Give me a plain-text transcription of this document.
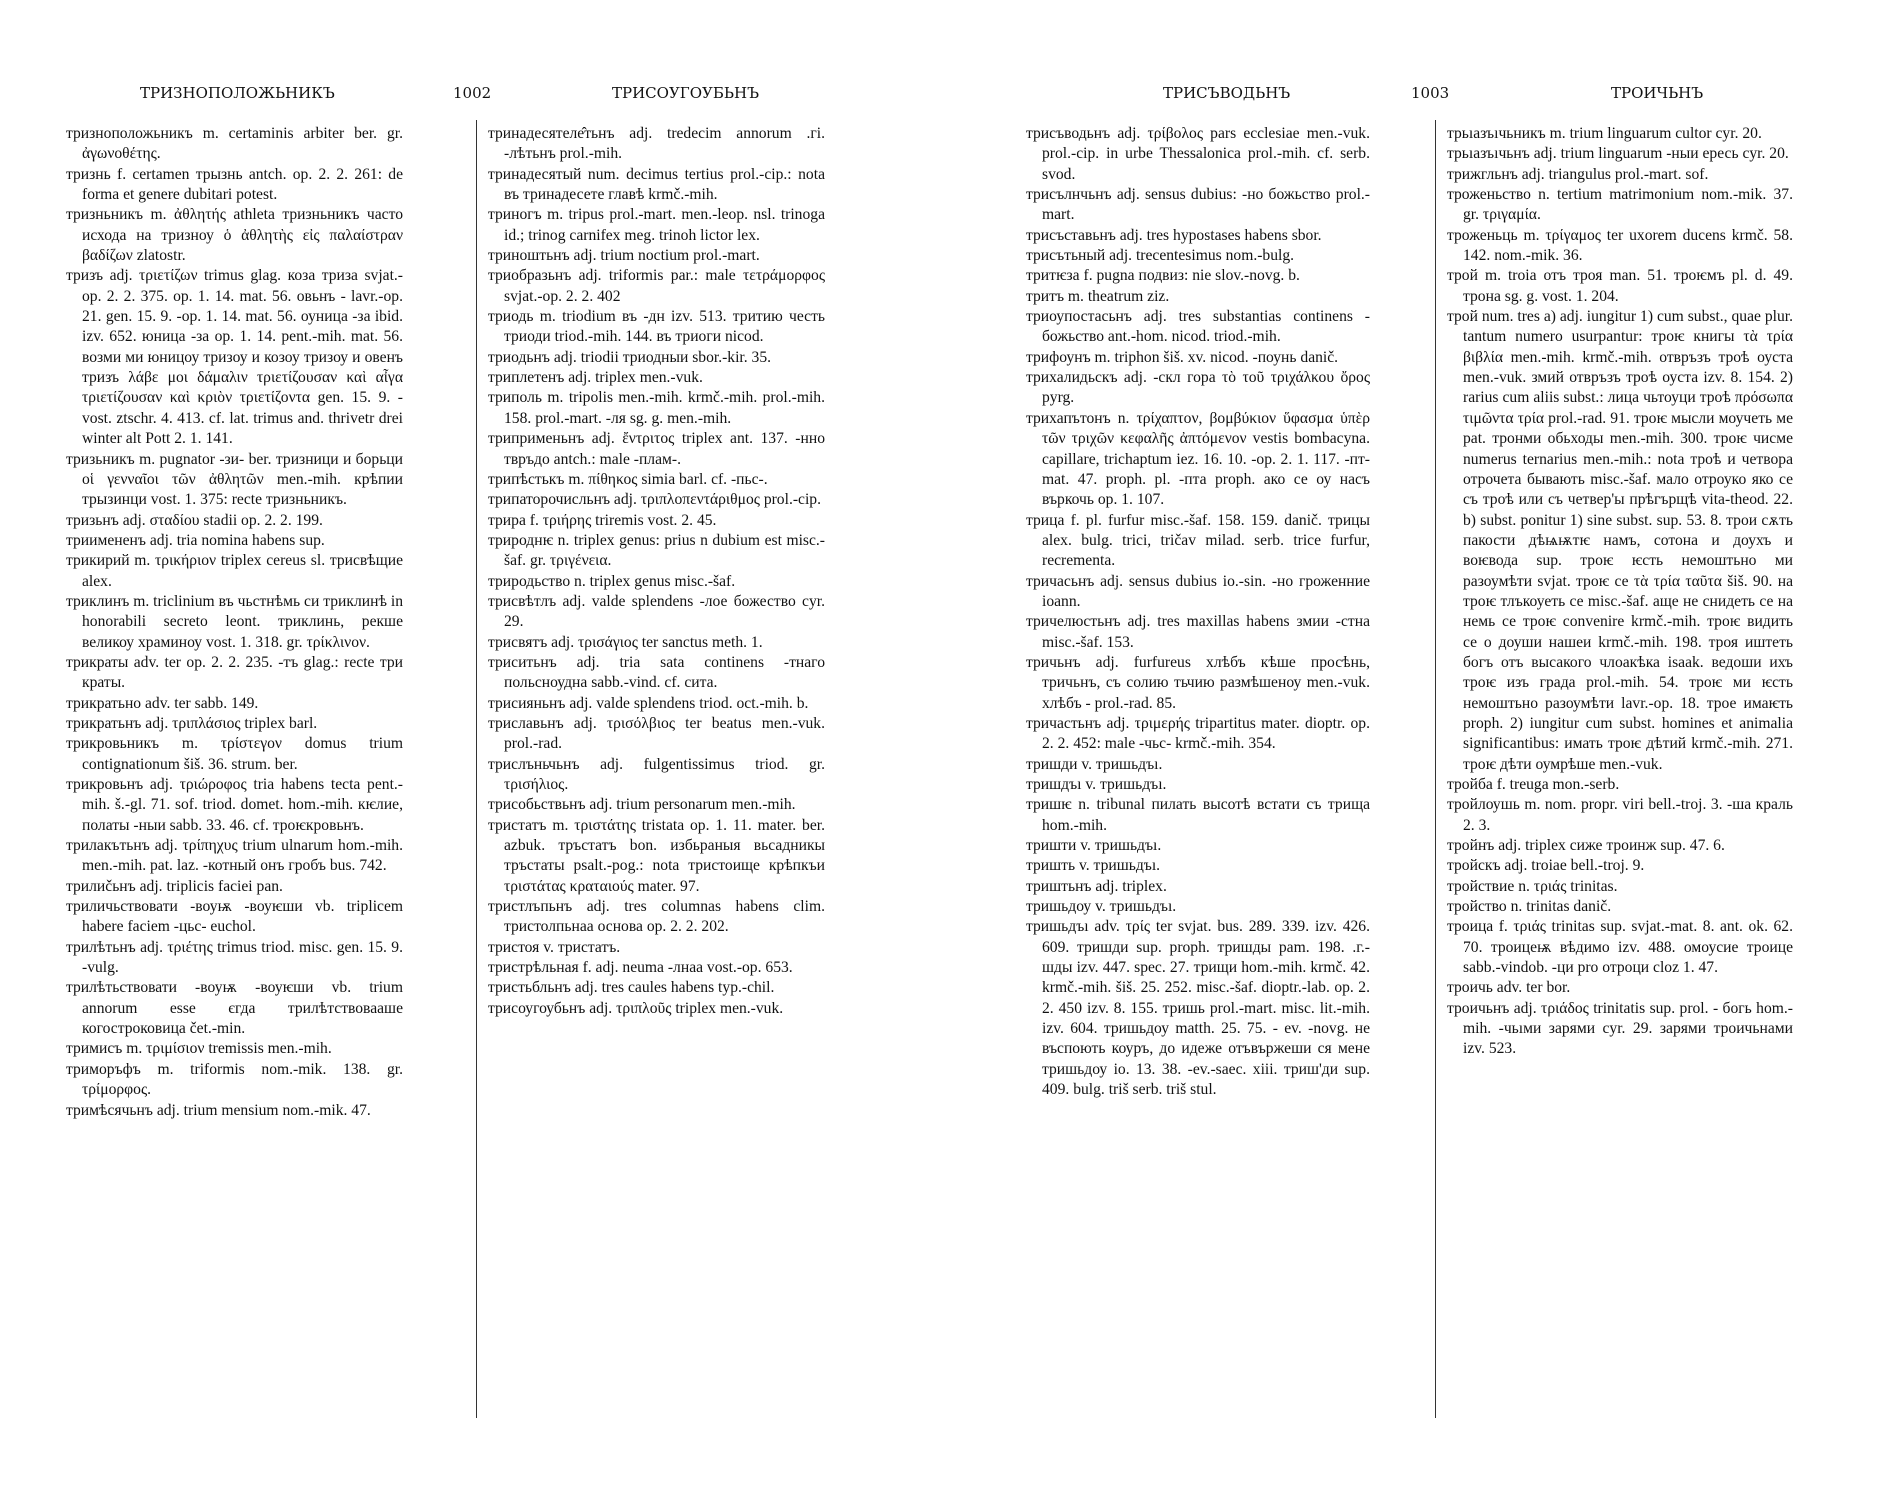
ТРИЗНОПОЛОЖЬНИКЪ	1002	ТРИСОУГОУБЬНЪ

тризноположьникъ m. certaminis arbiter ber. gr. ἀγωνοθέτης.

тризнь f. certamen трызнь antch. op. 2. 2. 261: de forma et genere dubitari potest.

тризньникъ m. ἀθλητής athleta тризньникъ часто исхода на тризноу ὁ ἀθλητὴς εἰς παλαίστραν βαδίζων zlatostr.

тризъ adj. τριετίζων trimus glag. коза триза svjat.-op. 2. 2. 375. op. 1. 14. mat. 56. овьнъ - lavr.-op. 21. gen. 15. 9. -op. 1. 14. mat. 56. оуница -за ibid. izv. 652. юница -за op. 1. 14. pent.-mih. mat. 56. возми ми юницоу тризоу и козоу тризоу и овенъ тризъ λάβε μοι δάμαλιν τριετίζουσαν καὶ αἶγα τριετίζουσαν καὶ κριὸν τριετίζοντα gen. 15. 9. - vost. ztschr. 4. 413. cf. lat. trimus and. thrivetr drei winter alt Pott 2. 1. 141.

тризьникъ m. pugnator -зи- ber. тризници и борьци οἱ γενναῖοι τῶν ἀθλητῶν men.-mih. крѣпии трызинци vost. 1. 375: recte тризньникъ.

тризьнъ adj. σταδίου stadii op. 2. 2. 199.

триимененъ adj. tria nomina habens sup.

трикирий m. τρικήριον triplex cereus sl. трисвѣщие alex.

триклинъ m. triclinium въ чьстнѣмь си триклинѣ in honorabili secreto leont. триклинь, рекше великоу храминоу vost. 1. 318. gr. τρίκλινον.

трикраты adv. ter op. 2. 2. 235. -тъ glag.: recte три краты.

трикратьно adv. ter sabb. 149.

трикратьнъ adj. τριπλάσιος triplex barl.

трикровьникъ m. τρίστεγον domus trium contignationum šiš. 36. strum. ber.

трикровьнъ adj. τριώροφος tria habens tecta pent.-mih. š.-gl. 71. sof. triod. domet. hom.-mih. кѥлие, полаты -ныи sabb. 33. 46. cf. троѥкровьнъ.

трилакътьнъ adj. τρίπηχυς trium ulnarum hom.-mih. men.-mih. pat. laz. -котный онъ гробъ bus. 742.

трилиčьнъ adj. triplicis faciei pan.

триличьствовати -воуѭ -воуѥши vb. triplicem habere faciem -цьс- euchol.

трилѣтьнъ adj. τριέτης trimus triod. misc. gen. 15. 9. -vulg.

трилѣтьствовати -воуѭ -воуѥши vb. trium annorum esse єгда трилѣтствовааше когостроковица čet.-min.

тримисъ m. τριμίσιον tremissis men.-mih.

триморъфъ m. triformis nom.-mik. 138. gr. τρίμορφος.

тримѣсячьнъ adj. trium mensium nom.-mik. 47.

тринадесятеле̂тьнъ adj. tredecim annorum .гі. -лѣтьнъ prol.-mih.

тринадесятый num. decimus tertius prol.-cip.: nota въ тринадесете главѣ krmč.-mih.

триногъ m. tripus prol.-mart. men.-leop. nsl. trinoga id.; trinog carnifex meg. trinoh lictor lex.

триноштьнъ adj. trium noctium prol.-mart.

триобразьнъ adj. triformis par.: male τετράμορφος svjat.-op. 2. 2. 402

триодь m. triodium въ -дн izv. 513. тритию честь триоди triod.-mih. 144. въ триоги nicod.

триодьнъ adj. triodii триодныи sbor.-kir. 35.

триплетенъ adj. triplex men.-vuk.

триполь m. tripolis men.-mih. krmč.-mih. prol.-mih. 158. prol.-mart. -ля sg. g. men.-mih.

триприменьнъ adj. ἔντριτος triplex ant. 137. -нно твръдо antch.: male -плам-.

трипѣстькъ m. πίθηκος simia barl. cf. -пьс-.

трипаторочисльнъ adj. τριπλοπεντάριθμος prol.-cip.

трира f. τριήρης triremis vost. 2. 45.

трироднѥ n. triplex genus: prius n dubium est misc.-šaf. gr. τριγένεια.

триродьство n. triplex genus misc.-šaf.

трисвѣтлъ adj. valde splendens -лое божество cyr. 29.

трисвятъ adj. τρισάγιος ter sanctus meth. 1.

триситьнъ adj. tria sata continens -тнаго польсноуднa sabb.-vind. cf. сита.

трисияньнъ adj. valde splendens triod. oct.-mih. b.

триславьнъ adj. τρισόλβιος ter beatus men.-vuk. prol.-rad.

трислъньчьнъ adj. fulgentissimus triod. gr. τρισήλιος.

трисобьствьнъ adj. trium personarum men.-mih.

тристатъ m. τριστάτης tristata op. 1. 11. mater. ber. azbuk. тръстатъ bon. избьраныя вьсадникы тръстаты psalt.-pog.: nota тристоище крѣпкъи τριστάτας κραταιούς mater. 97.

тристлъпьнъ adj. tres columnas habens clim. тристолпьнаа основа op. 2. 2. 202.

тристоя v. тристатъ.

тристрѣльная f. adj. neuma -лнаа vost.-op. 653.

тристьбльнъ adj. tres caules habens typ.-chil.

трисоугоубьнъ adj. τριπλοῦς triplex men.-vuk.

ТРИСЪВОДЬНЪ	1003	ТРОИЧЬНЪ

трисъводьнъ adj. τρίβολος pars ecclesiae men.-vuk. prol.-cip. in urbe Thessalonica prol.-mih. cf. serb. svod.

трисълнчьнъ adj. sensus dubius: -но божьство prol.-mart.

трисъставьнъ adj. tres hypostases habens sbor.

трисътьный adj. trecentesimus nom.-bulg.

тритѥза f. pugna подвиз: nie slov.-novg. b.

тритъ m. theatrum ziz.

триоупостасьнъ adj. tres substantias continens - божьство ant.-hom. nicod. triod.-mih.

трифоунъ m. triphon šiš. xv. nicod. -поунь danič.

трихалидьскъ adj. -скл гора τὸ τοῦ τριχάλκου ὄρος pyrg.

трихапътонъ n. τρίχαπτον, βομβύκιον ὕφασμα ὑπὲρ τῶν τριχῶν κεφαλῆς ἀπτόμενον vestis bombacyna. capillare, trichaptum iez. 16. 10. -op. 2. 1. 117. -пт- mat. 47. proph. pl. -пта proph. ако се оу насъ въркочь op. 1. 107.

трица f. pl. furfur misc.-šaf. 158. 159. danič. трицы alex. bulg. trici, tričav milad. serb. trice furfur, recrementa.

тричасьнъ adj. sensus dubius io.-sin. -но гроженние ioann.

тричелюстьнъ adj. tres maxillas habens змии -стна misc.-šaf. 153.

тричьнъ adj. furfureus хлѣбъ кѣше просѣнь, тричьнъ, съ солию тьчию размѣшеноу men.-vuk. хлѣбъ - prol.-rad. 85.

тричастьнъ adj. τριμερής tripartitus mater. dioptr. op. 2. 2. 452: male -чьс- krmč.-mih. 354.

тришди v. тришьдъı.

тришдъı v. тришьдъı.

тришѥ n. tribunal пилать высотѣ встати съ трища hom.-mih.

тришти v. тришьдъı.

тришть v. тришьдъı.

триштьнъ adj. triplex.

тришьдоу v. тришьдъı.

тришьдъı adv. τρίς ter svjat. bus. 289. 339. izv. 426. 609. тришди sup. proph. тришды pam. 198. .г.-шды izv. 447. spec. 27. трищи hom.-mih. krmč. 42. krmč.-mih. šiš. 25. 252. misc.-šaf. dioptr.-lab. op. 2. 2. 450 izv. 8. 155. тришь prol.-mart. misc. lit.-mih. izv. 604. тришьдоу matth. 25. 75. - ev. -novg. не въспоють коуръ, до идеже отъвържеши ся мене тришьдоу io. 13. 38. -ev.-saec. xiii. триш'ди sup. 409. bulg. triš serb. triš stul.

трьıазъıчьникъ m. trium linguarum cultor cyr. 20.

трьıазъıчьнъ adj. trium linguarum -ныи ересь cyr. 20.

трижгльнъ adj. triangulus prol.-mart. sof.

троженьство n. tertium matrimonium nom.-mik. 37. gr. τριγαμία.

троженьць m. τρίγαμος ter uxorem ducens krmč. 58. 142. nom.-mik. 36.

трой m. troia отъ троя man. 51. троѥмъ pl. d. 49. трона sg. g. vost. 1. 204.

трой num. tres a) adj. iungitur 1) cum subst., quae plur. tantum numero usurpantur: троѥ книгы τὰ τρία βιβλία men.-mih. krmč.-mih. отвръзъ троѣ оуста men.-vuk. змий отвръзъ троѣ оуста izv. 8. 154. 2) rarius cum aliis subst.: лица чьтоуци троѣ πρόσωπα τιμῶντα τρία prol.-rad. 91. троѥ мысли моучеть ме pat. тронми обьходы men.-mih. 300. троѥ чисме numerus ternarius men.-mih.: nota троѣ и четвора отрочета бывають misc.-šaf. мало отроуко яко се съ троѣ или съ четвер'ы прѣгърщѣ vita-theod. 22. b) subst. ponitur 1) sine subst. sup. 53. 8. трои сѫть пакости дѣѩѭтѥ намъ, сотона и доухъ и воѥвода sup. троѥ ѥсть немоштьно ми разоумѣти svjat. троѥ се τὰ τρία ταῦτα šiš. 90. на троѥ тлъкоуеть се misc.-šaf. аще не снидеть се на немь се троѥ convenire krmč.-mih. троѥ видить се о доуши нашеи krmč.-mih. 198. троя иштеть богъ отъ высакого члоакѣка isaak. ведоши ихъ троѥ изъ града prol.-mih. 54. троѥ ми ѥсть немоштьно разоумѣти lavr.-op. 18. трое имаѥть proph. 2) iungitur cum subst. homines et animalia significantibus: имать троѥ дѣтий krmč.-mih. 271. троѥ дѣти оумрѣше men.-vuk.

тройба f. treuga mon.-serb.

тройлоушь m. nom. propr. viri bell.-troj. 3. -ша краль 2. 3.

тройнъ adj. triplex сиже троинж sup. 47. 6.

тройскъ adj. troiae bell.-troj. 9.

тройствие n. τριάς trinitas.

тройство n. trinitas danič.

троица f. τριάς trinitas sup. svjat.-mat. 8. ant. ok. 62. 70. троицеѭ вѣдимо izv. 488. омоусие троице sabb.-vindob. -ци pro отроци cloz 1. 47.

троичь adv. ter bor.

троичьнъ adj. τριάδος trinitatis sup. prol. - богь hom.-mih. -чьıми зарями cyr. 29. зарями троичьнами izv. 523.
